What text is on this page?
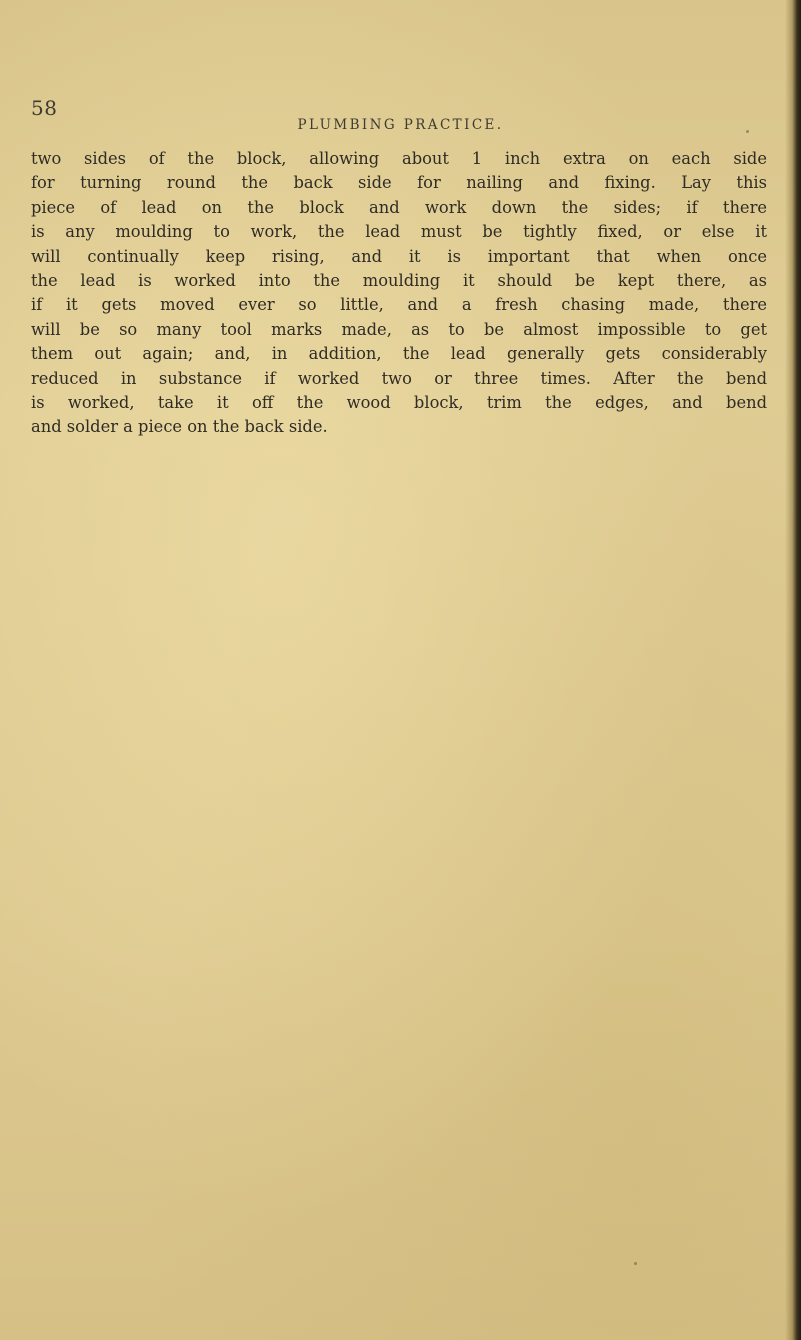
58
PLUMBING PRACTICE.
two sides of the block, allowing about 1 inch extra on each side
for turning round the back side for nailing and fixing. Lay this
piece of lead on the block and work down the sides; if there
is any moulding to work, the lead must be tightly fixed, or else it
will continually keep rising, and it is important that when once
the lead is worked into the moulding it should be kept there, as
if it gets moved ever so little, and a fresh chasing made, there
will be so many tool marks made, as to be almost impossible to get
them out again; and, in addition, the lead generally gets considerably
reduced in substance if worked two or three times. After the bend
is worked, take it off the wood block, trim the edges, and bend
and solder a piece on the back side.
